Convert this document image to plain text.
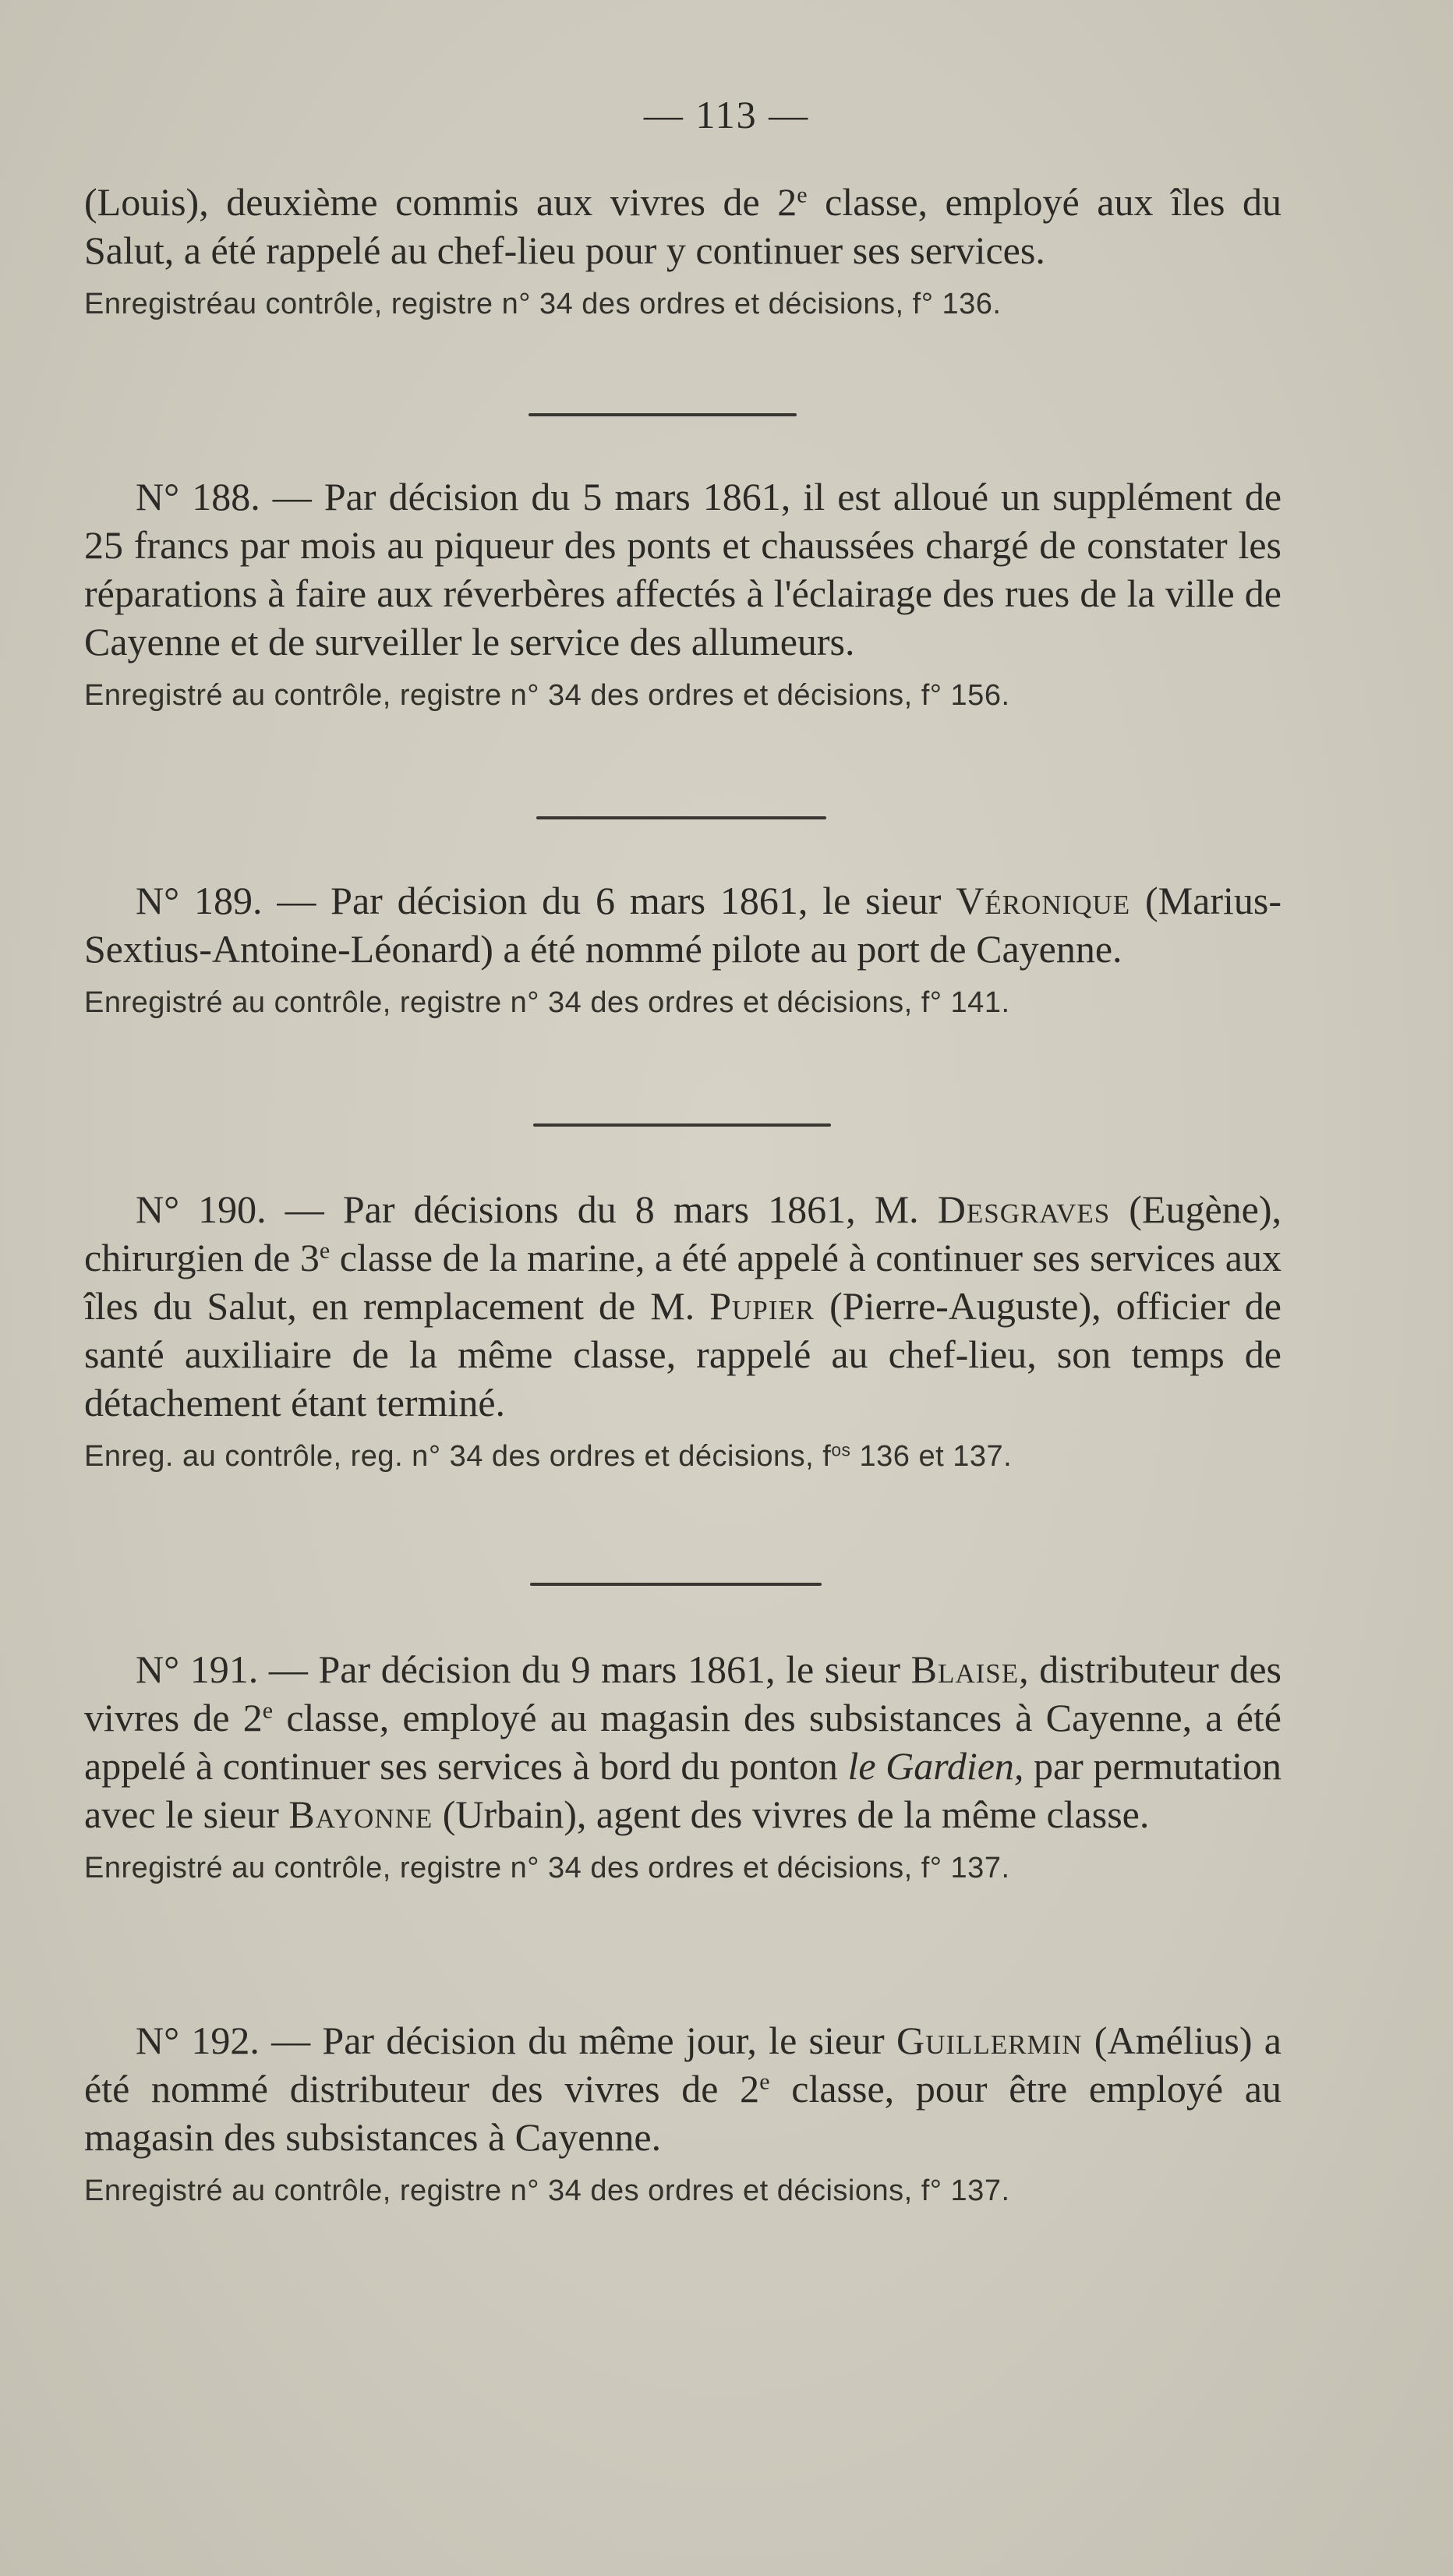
— 113 —
(Louis), deuxième commis aux vivres de 2e classe, employé aux îles du Salut, a été rappelé au chef-lieu pour y continuer ses services.
Enregistréau contrôle, registre n° 34 des ordres et décisions, f° 136.
N° 188. — Par décision du 5 mars 1861, il est alloué un supplément de 25 francs par mois au piqueur des ponts et chaussées chargé de constater les réparations à faire aux réverbères affectés à l'éclairage des rues de la ville de Cayenne et de surveiller le service des allumeurs.
Enregistré au contrôle, registre n° 34 des ordres et décisions, f° 156.
N° 189. — Par décision du 6 mars 1861, le sieur Véronique (Marius-Sextius-Antoine-Léonard) a été nommé pilote au port de Cayenne.
Enregistré au contrôle, registre n° 34 des ordres et décisions, f° 141.
N° 190. — Par décisions du 8 mars 1861, M. Desgraves (Eugène), chirurgien de 3e classe de la marine, a été appelé à continuer ses services aux îles du Salut, en remplacement de M. Pupier (Pierre-Auguste), officier de santé auxiliaire de la même classe, rappelé au chef-lieu, son temps de détachement étant terminé.
Enreg. au contrôle, reg. n° 34 des ordres et décisions, $f^{os}$ 136 et 137.
N° 191. — Par décision du 9 mars 1861, le sieur Blaise, distributeur des vivres de 2e classe, employé au magasin des subsistances à Cayenne, a été appelé à continuer ses services à bord du ponton le Gardien, par permutation avec le sieur Bayonne (Urbain), agent des vivres de la même classe.
Enregistré au contrôle, registre n° 34 des ordres et décisions, f° 137.
N° 192. — Par décision du même jour, le sieur Guillermin (Amélius) a été nommé distributeur des vivres de 2e classe, pour être employé au magasin des subsistances à Cayenne.
Enregistré au contrôle, registre n° 34 des ordres et décisions, f° 137.
